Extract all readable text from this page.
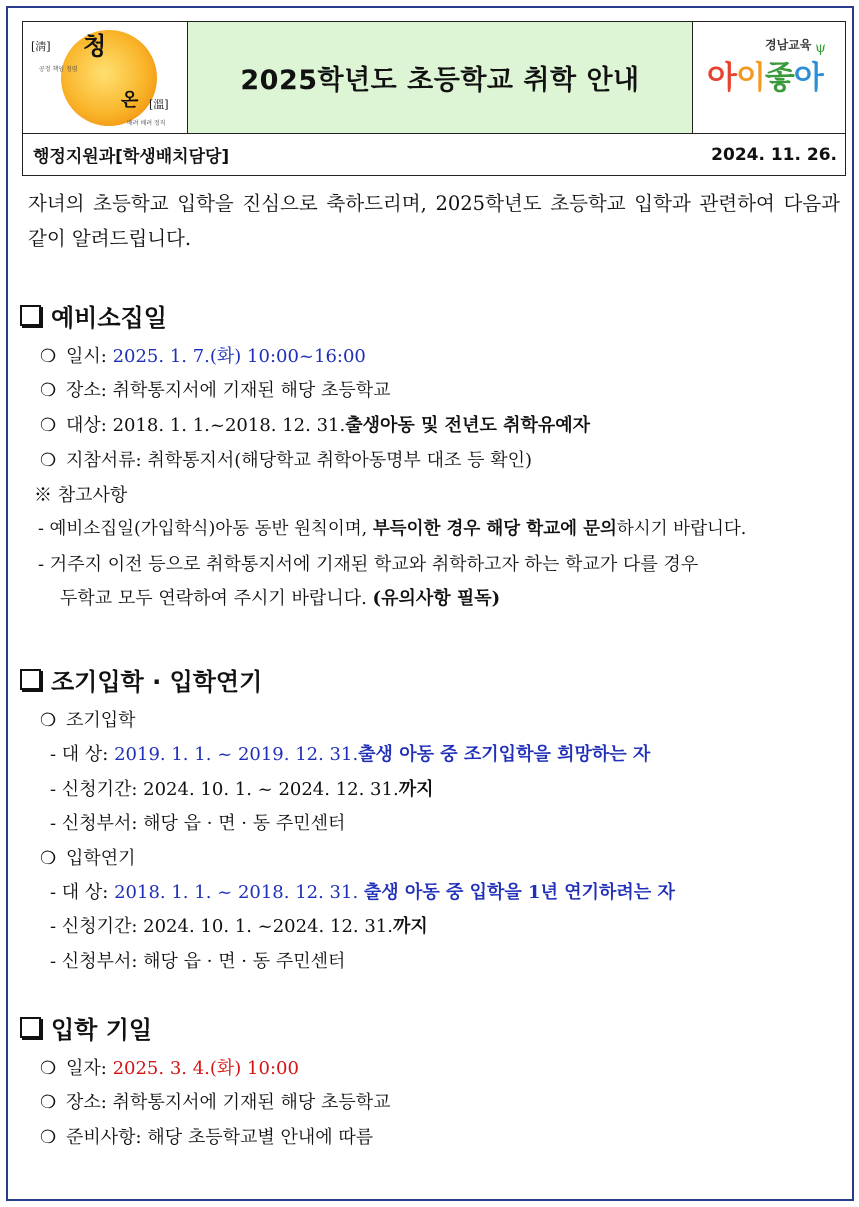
[淸] 청
공정 책임 청렴
온 [溫]
배려 배려 정직
2025학년도 초등학교 취학 안내
경남교육 ψ
아이좋아
행정지원과[학생배치담당]	2024. 11. 26.
자녀의 초등학교 입학을 진심으로 축하드리며, 2025학년도 초등학교 입학과 관련하여 다음과 같이 알려드립니다.
예비소집일
❍ 일시: 2025. 1. 7.(화) 10:00~16:00
❍ 장소: 취학통지서에 기재된 해당 초등학교
❍ 대상: 2018. 1. 1.~2018. 12. 31.출생아동 및 전년도 취학유예자
❍ 지참서류: 취학통지서(해당학교 취학아동명부 대조 등 확인)
※ 참고사항
- 예비소집일(가입학식)아동 동반 원칙이며, 부득이한 경우 해당 학교에 문의하시기 바랍니다.
- 거주지 이전 등으로 취학통지서에 기재된 학교와 취학하고자 하는 학교가 다를 경우
두학교 모두 연락하여 주시기 바랍니다. (유의사항 필독)
조기입학 · 입학연기
❍ 조기입학
- 대 상: 2019. 1. 1. ~ 2019. 12. 31.출생 아동 중 조기입학을 희망하는 자
- 신청기간: 2024. 10. 1. ~ 2024. 12. 31.까지
- 신청부서: 해당 읍 · 면 · 동 주민센터
❍ 입학연기
- 대 상: 2018. 1. 1. ~ 2018. 12. 31. 출생 아동 중 입학을 1년 연기하려는 자
- 신청기간: 2024. 10. 1. ~2024. 12. 31.까지
- 신청부서: 해당 읍 · 면 · 동 주민센터
입학 기일
❍ 일자: 2025. 3. 4.(화) 10:00
❍ 장소: 취학통지서에 기재된 해당 초등학교
❍ 준비사항: 해당 초등학교별 안내에 따름
